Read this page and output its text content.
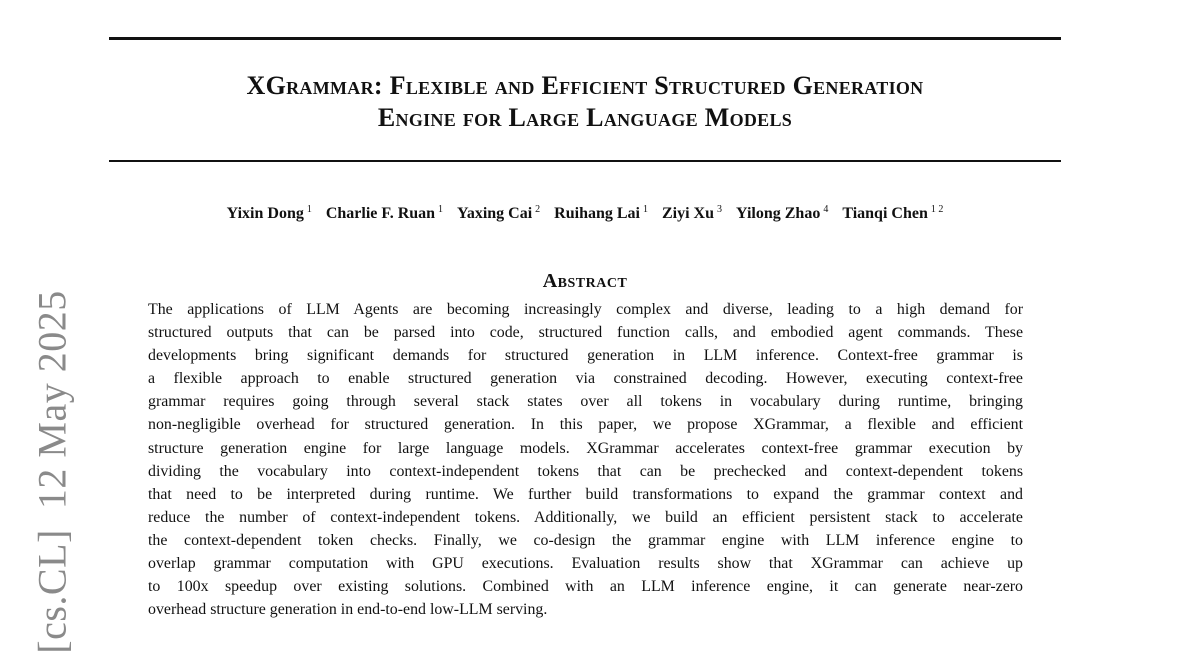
[cs.CL]12 May 2025
XGrammar: Flexible and Efficient Structured Generation
Engine for Large Language Models
Yixin Dong $^1$ Charlie F. Ruan $^1$ Yaxing Cai $^2$ Ruihang Lai $^1$ Ziyi Xu $^3$ Yilong Zhao $^4$ Tianqi Chen $^{1 2}$
Abstract
The applications of LLM Agents are becoming increasingly complex and diverse, leading to a high demand for
structured outputs that can be parsed into code, structured function calls, and embodied agent commands. These
developments bring significant demands for structured generation in LLM inference. Context-free grammar is
a flexible approach to enable structured generation via constrained decoding. However, executing context-free
grammar requires going through several stack states over all tokens in vocabulary during runtime, bringing
non-negligible overhead for structured generation. In this paper, we propose XGrammar, a flexible and efficient
structure generation engine for large language models. XGrammar accelerates context-free grammar execution by
dividing the vocabulary into context-independent tokens that can be prechecked and context-dependent tokens
that need to be interpreted during runtime. We further build transformations to expand the grammar context and
reduce the number of context-independent tokens. Additionally, we build an efficient persistent stack to accelerate
the context-dependent token checks. Finally, we co-design the grammar engine with LLM inference engine to
overlap grammar computation with GPU executions. Evaluation results show that XGrammar can achieve up
to 100x speedup over existing solutions. Combined with an LLM inference engine, it can generate near-zero
overhead structure generation in end-to-end low-LLM serving.
